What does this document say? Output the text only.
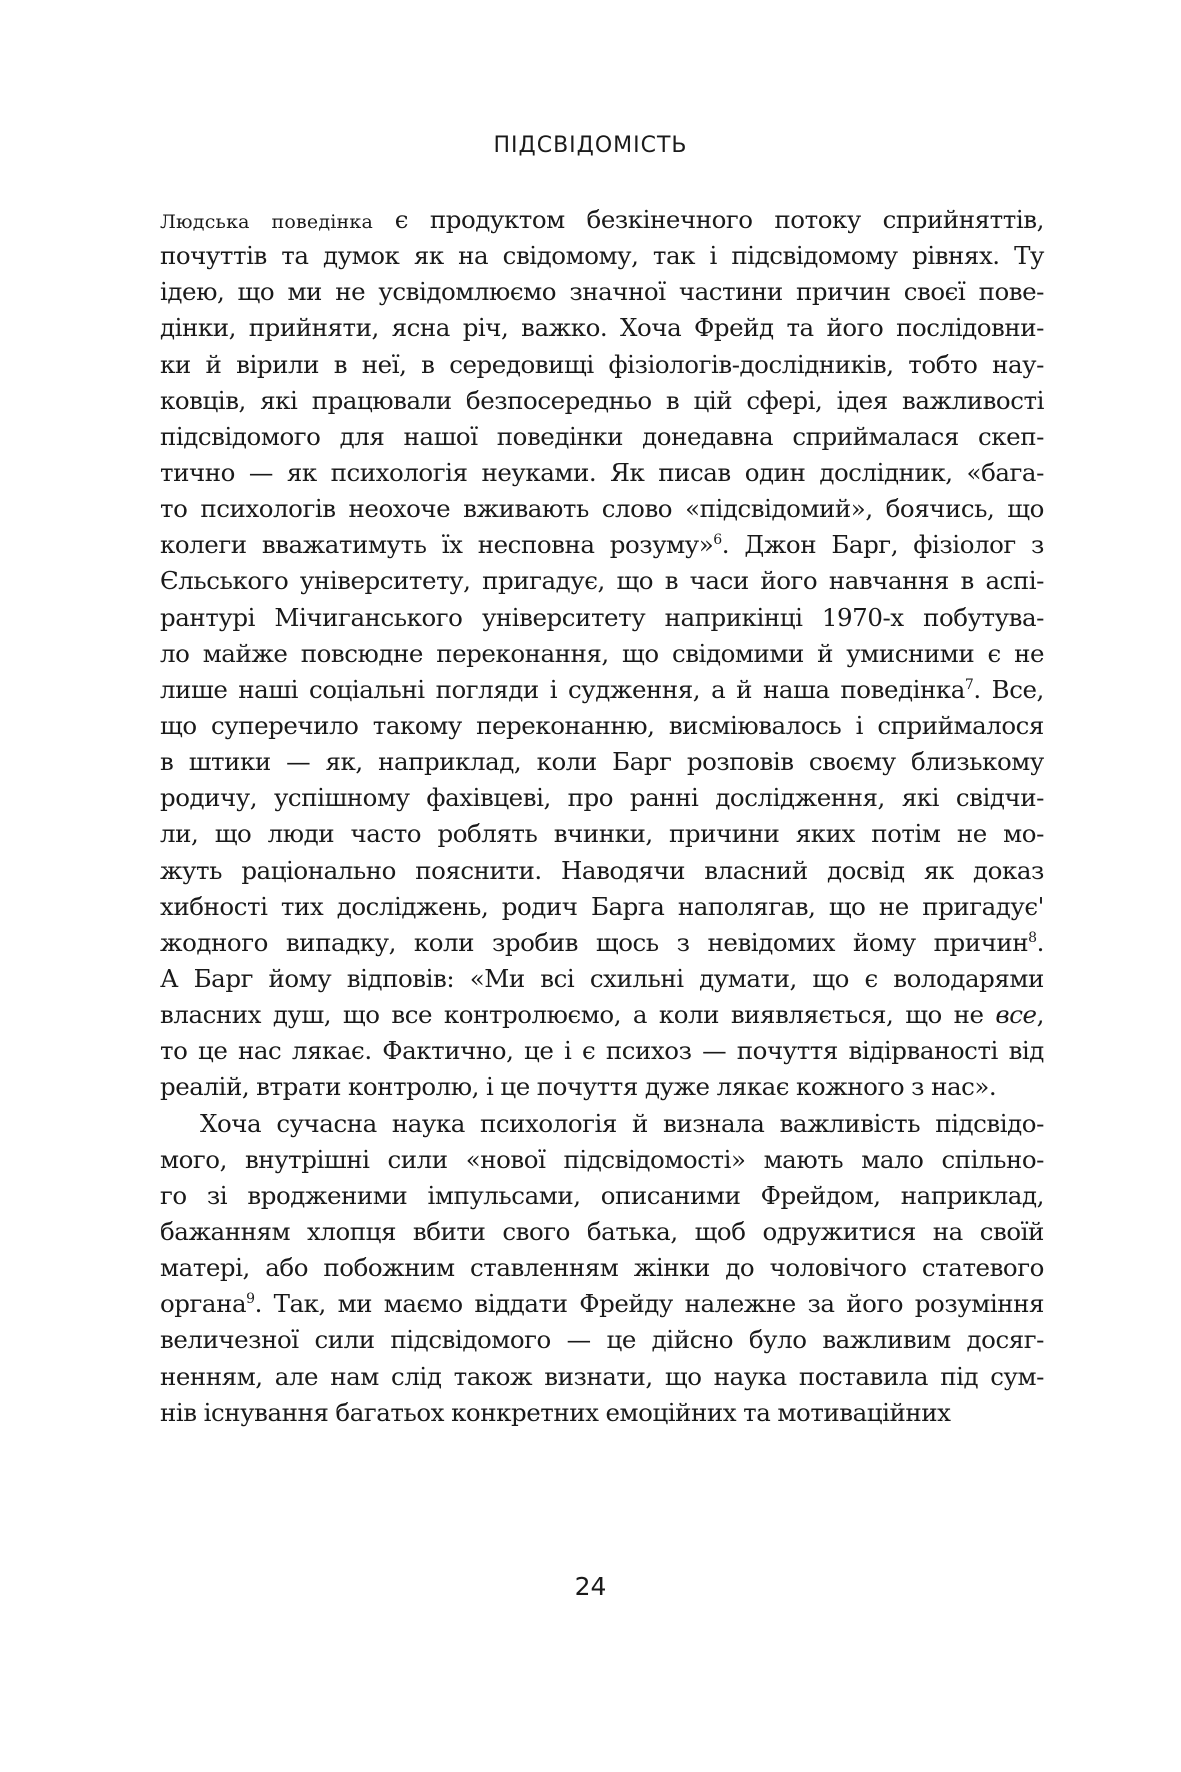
ПІДСВІДОМІСТЬ
Людська поведінка є продуктом безкінечного потоку сприйняттів,
почуттів та думок як на свідомому, так і підсвідомому рівнях. Ту
ідею, що ми не усвідомлюємо значної частини причин своєї пове-
дінки, прийняти, ясна річ, важко. Хоча Фрейд та його послідовни-
ки й вірили в неї, в середовищі фізіологів-дослідників, тобто нау-
ковців, які працювали безпосередньо в цій сфері, ідея важливості
підсвідомого для нашої поведінки донедавна сприймалася скеп-
тично — як психологія неуками. Як писав один дослідник, «бага-
то психологів неохоче вживають слово «підсвідомий», боячись, що
колеги вважатимуть їх несповна розуму»$^6$. Джон Барг, фізіолог з
Єльського університету, пригадує, що в часи його навчання в аспі-
рантурі Мічиганського університету наприкінці 1970-х побутува-
ло майже повсюдне переконання, що свідомими й умисними є не
лише наші соціальні погляди і судження, а й наша поведінка$^7$. Все,
що суперечило такому переконанню, висміювалось і сприймалося
в штики — як, наприклад, коли Барг розповів своєму близькому
родичу, успішному фахівцеві, про ранні дослідження, які свідчи-
ли, що люди часто роблять вчинки, причини яких потім не мо-
жуть раціонально пояснити. Наводячи власний досвід як доказ
хибності тих досліджень, родич Барга наполягав, що не пригадує'
жодного випадку, коли зробив щось з невідомих йому причин$^8$.
А Барг йому відповів: «Ми всі схильні думати, що є володарями
власних душ, що все контролюємо, а коли виявляється, що не все,
то це нас лякає. Фактично, це і є психоз — почуття відірваності від
реалій, втрати контролю, і це почуття дуже лякає кожного з нас».
Хоча сучасна наука психологія й визнала важливість підсвідо-
мого, внутрішні сили «нової підсвідомості» мають мало спільно-
го зі вродженими імпульсами, описаними Фрейдом, наприклад,
бажанням хлопця вбити свого батька, щоб одружитися на своїй
матері, або побожним ставленням жінки до чоловічого статевого
органа$^9$. Так, ми маємо віддати Фрейду належне за його розуміння
величезної сили підсвідомого — це дійсно було важливим досяг-
ненням, але нам слід також визнати, що наука поставила під сум-
нів існування багатьох конкретних емоційних та мотиваційних
24
